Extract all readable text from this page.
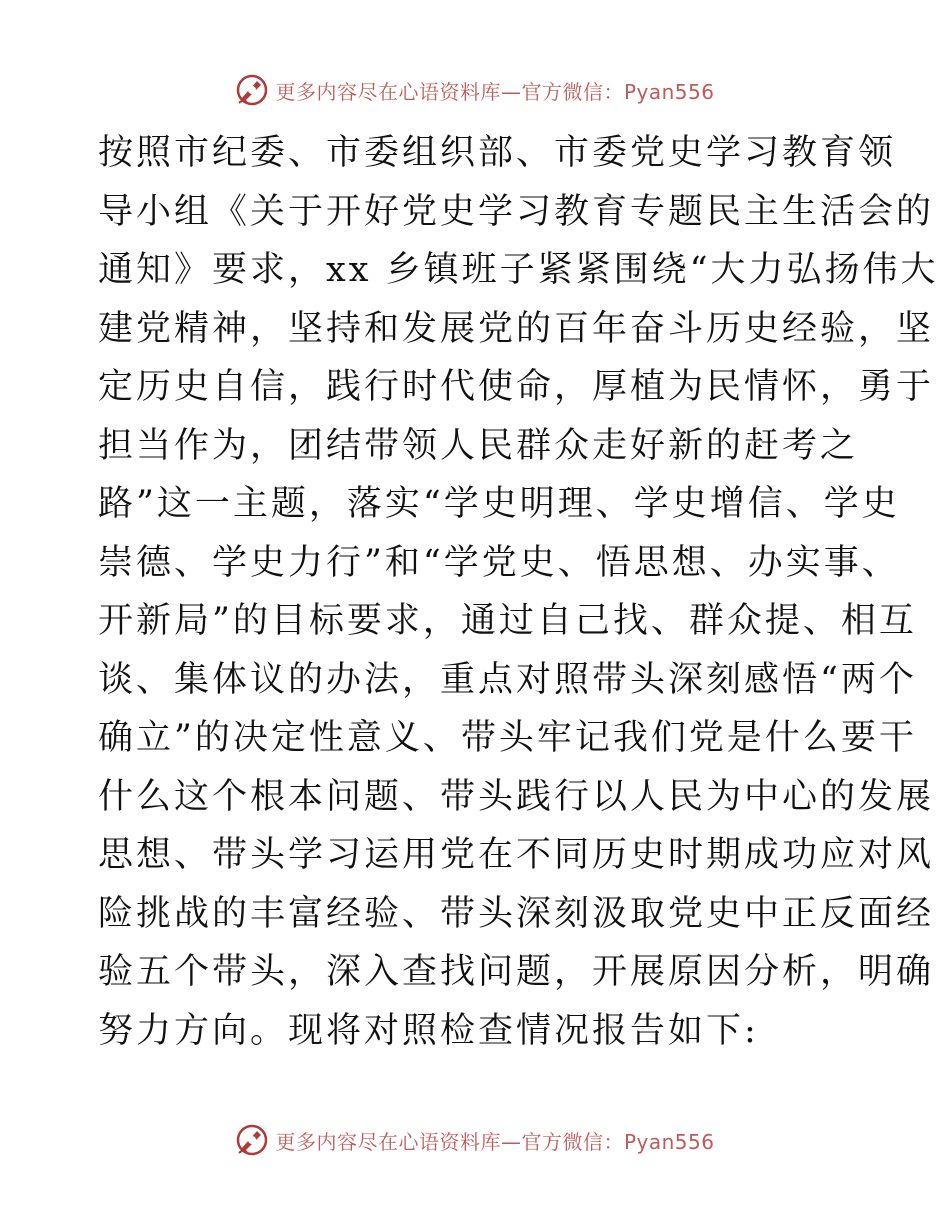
更多内容尽在心语资料库—官方微信：Pyan556
按照市纪委、市委组织部、市委党史学习教育领
导小组《关于开好党史学习教育专题民主生活会的
通知》要求，xx 乡镇班子紧紧围绕“大力弘扬伟大
建党精神，坚持和发展党的百年奋斗历史经验，坚
定历史自信，践行时代使命，厚植为民情怀，勇于
担当作为，团结带领人民群众走好新的赶考之
路”这一主题，落实“学史明理、学史增信、学史
崇德、学史力行”和“学党史、悟思想、办实事、
开新局”的目标要求，通过自己找、群众提、相互
谈、集体议的办法，重点对照带头深刻感悟“两个
确立”的决定性意义、带头牢记我们党是什么要干
什么这个根本问题、带头践行以人民为中心的发展
思想、带头学习运用党在不同历史时期成功应对风
险挑战的丰富经验、带头深刻汲取党史中正反面经
验五个带头，深入查找问题，开展原因分析，明确
努力方向。现将对照检查情况报告如下:
更多内容尽在心语资料库—官方微信：Pyan556
